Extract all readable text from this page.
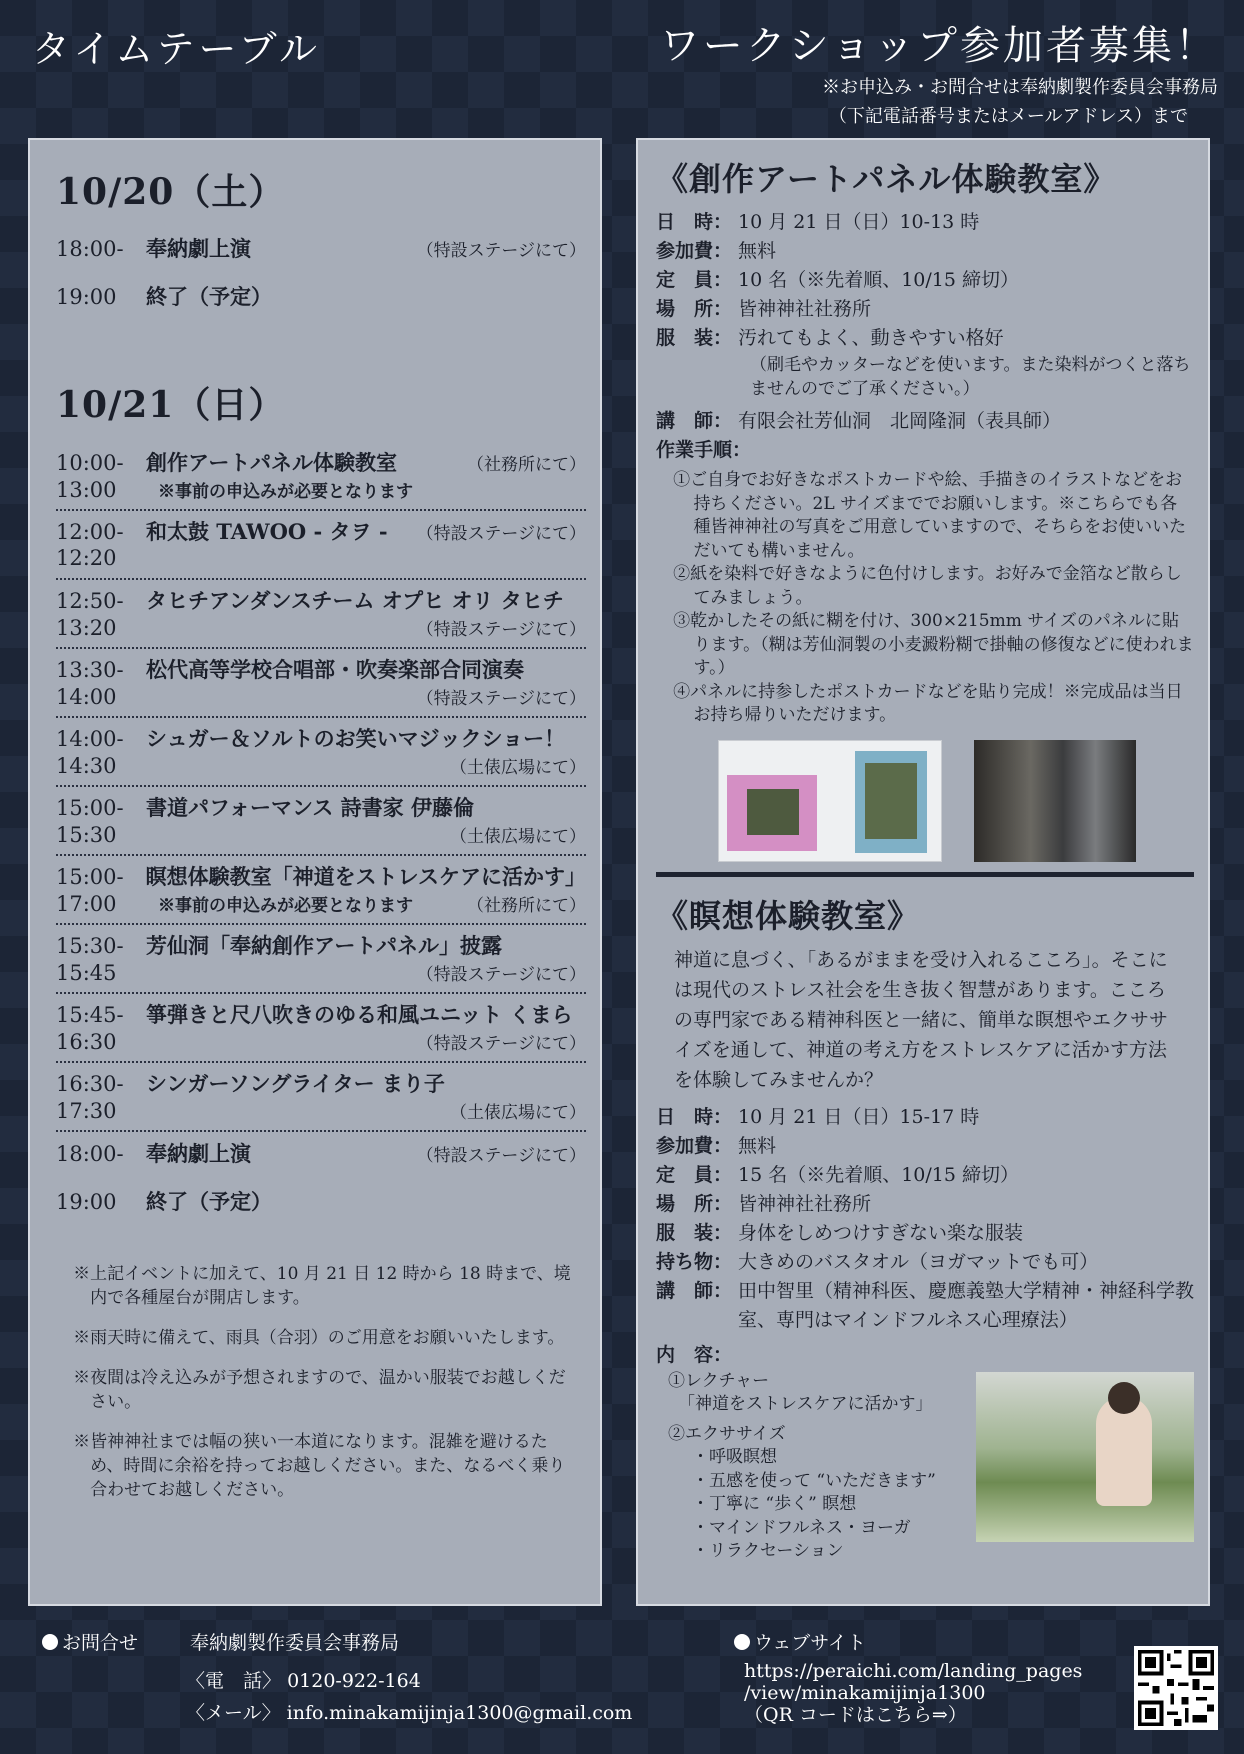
タイムテーブル	ワークショップ参加者募集！
※お申込み・お問合せは奉納劇製作委員会事務局
（下記電話番号またはメールアドレス）まで
10/20（土）
18:00-	奉納劇上演	（特設ステージにて）
19:00	終了（予定）
10/21（日）
10:00-	創作アートパネル体験教室	（社務所にて）
13:00	※事前の申込みが必要となります
12:00-	和太鼓 TAWOO - タヲ -	（特設ステージにて）
12:20
12:50-	タヒチアンダンスチーム オプヒ オリ タヒチ
13:20	（特設ステージにて）
13:30-	松代高等学校合唱部・吹奏楽部合同演奏
14:00	（特設ステージにて）
14:00-	シュガー＆ソルトのお笑いマジックショー！
14:30	（土俵広場にて）
15:00-	書道パフォーマンス 詩書家 伊藤倫
15:30	（土俵広場にて）
15:00-	瞑想体験教室「神道をストレスケアに活かす」
17:00	※事前の申込みが必要となります	（社務所にて）
15:30-	芳仙洞「奉納創作アートパネル」披露
15:45	（特設ステージにて）
15:45-	箏弾きと尺八吹きのゆる和風ユニット くまら
16:30	（特設ステージにて）
16:30-	シンガーソングライター まり子
17:30	（土俵広場にて）
18:00-	奉納劇上演	（特設ステージにて）
19:00	終了（予定）

※上記イベントに加えて、10 月 21 日 12 時から 18 時まで、境内で各種屋台が開店します。

※雨天時に備えて、雨具（合羽）のご用意をお願いいたします。

※夜間は冷え込みが予想されますので、温かい服装でお越しください。

※皆神神社までは幅の狭い一本道になります。混雑を避けるため、時間に余裕を持ってお越しください。また、なるべく乗り合わせてお越しください。

《創作アートパネル体験教室》
日　時： 10 月 21 日（日）10-13 時
参加費： 無料
定　員： 10 名（※先着順、10/15 締切）
場　所： 皆神神社社務所
服　装： 汚れてもよく、動きやすい格好
（刷毛やカッターなどを使います。また染料がつくと落ちませんのでご了承ください。）
講　師： 有限会社芳仙洞　北岡隆洞（表具師）
作業手順：
①ご自身でお好きなポストカードや絵、手描きのイラストなどをお持ちください。2L サイズまででお願いします。※こちらでも各種皆神神社の写真をご用意していますので、そちらをお使いいただいても構いません。
②紙を染料で好きなように色付けします。お好みで金箔など散らしてみましょう。
③乾かしたその紙に糊を付け、300×215mm サイズのパネルに貼ります。（糊は芳仙洞製の小麦澱粉糊で掛軸の修復などに使われます。）
④パネルに持参したポストカードなどを貼り完成！※完成品は当日お持ち帰りいただけます。
《瞑想体験教室》
神道に息づく、「あるがままを受け入れるこころ」。そこには現代のストレス社会を生き抜く智慧があります。こころの専門家である精神科医と一緒に、簡単な瞑想やエクササイズを通して、神道の考え方をストレスケアに活かす方法を体験してみませんか？
日　時： 10 月 21 日（日）15-17 時
参加費： 無料
定　員： 15 名（※先着順、10/15 締切）
場　所： 皆神神社社務所
服　装： 身体をしめつけすぎない楽な服装
持ち物： 大きめのバスタオル（ヨガマットでも可）
講　師： 田中智里（精神科医、慶應義塾大学精神・神経科学教室、専門はマインドフルネス心理療法）
内　容：
①レクチャー
「神道をストレスケアに活かす」
②エクササイズ
・呼吸瞑想
・五感を使って “いただきます”
・丁寧に “歩く” 瞑想
・マインドフルネス・ヨーガ
・リラクセーション
お問合せ	奉納劇製作委員会事務局
〈電　話〉 0120-922-164
〈メール〉 info.minakamijinja1300@gmail.com
ウェブサイト
https://peraichi.com/landing_pages
/view/minakamijinja1300
（QR コードはこちら⇒）
